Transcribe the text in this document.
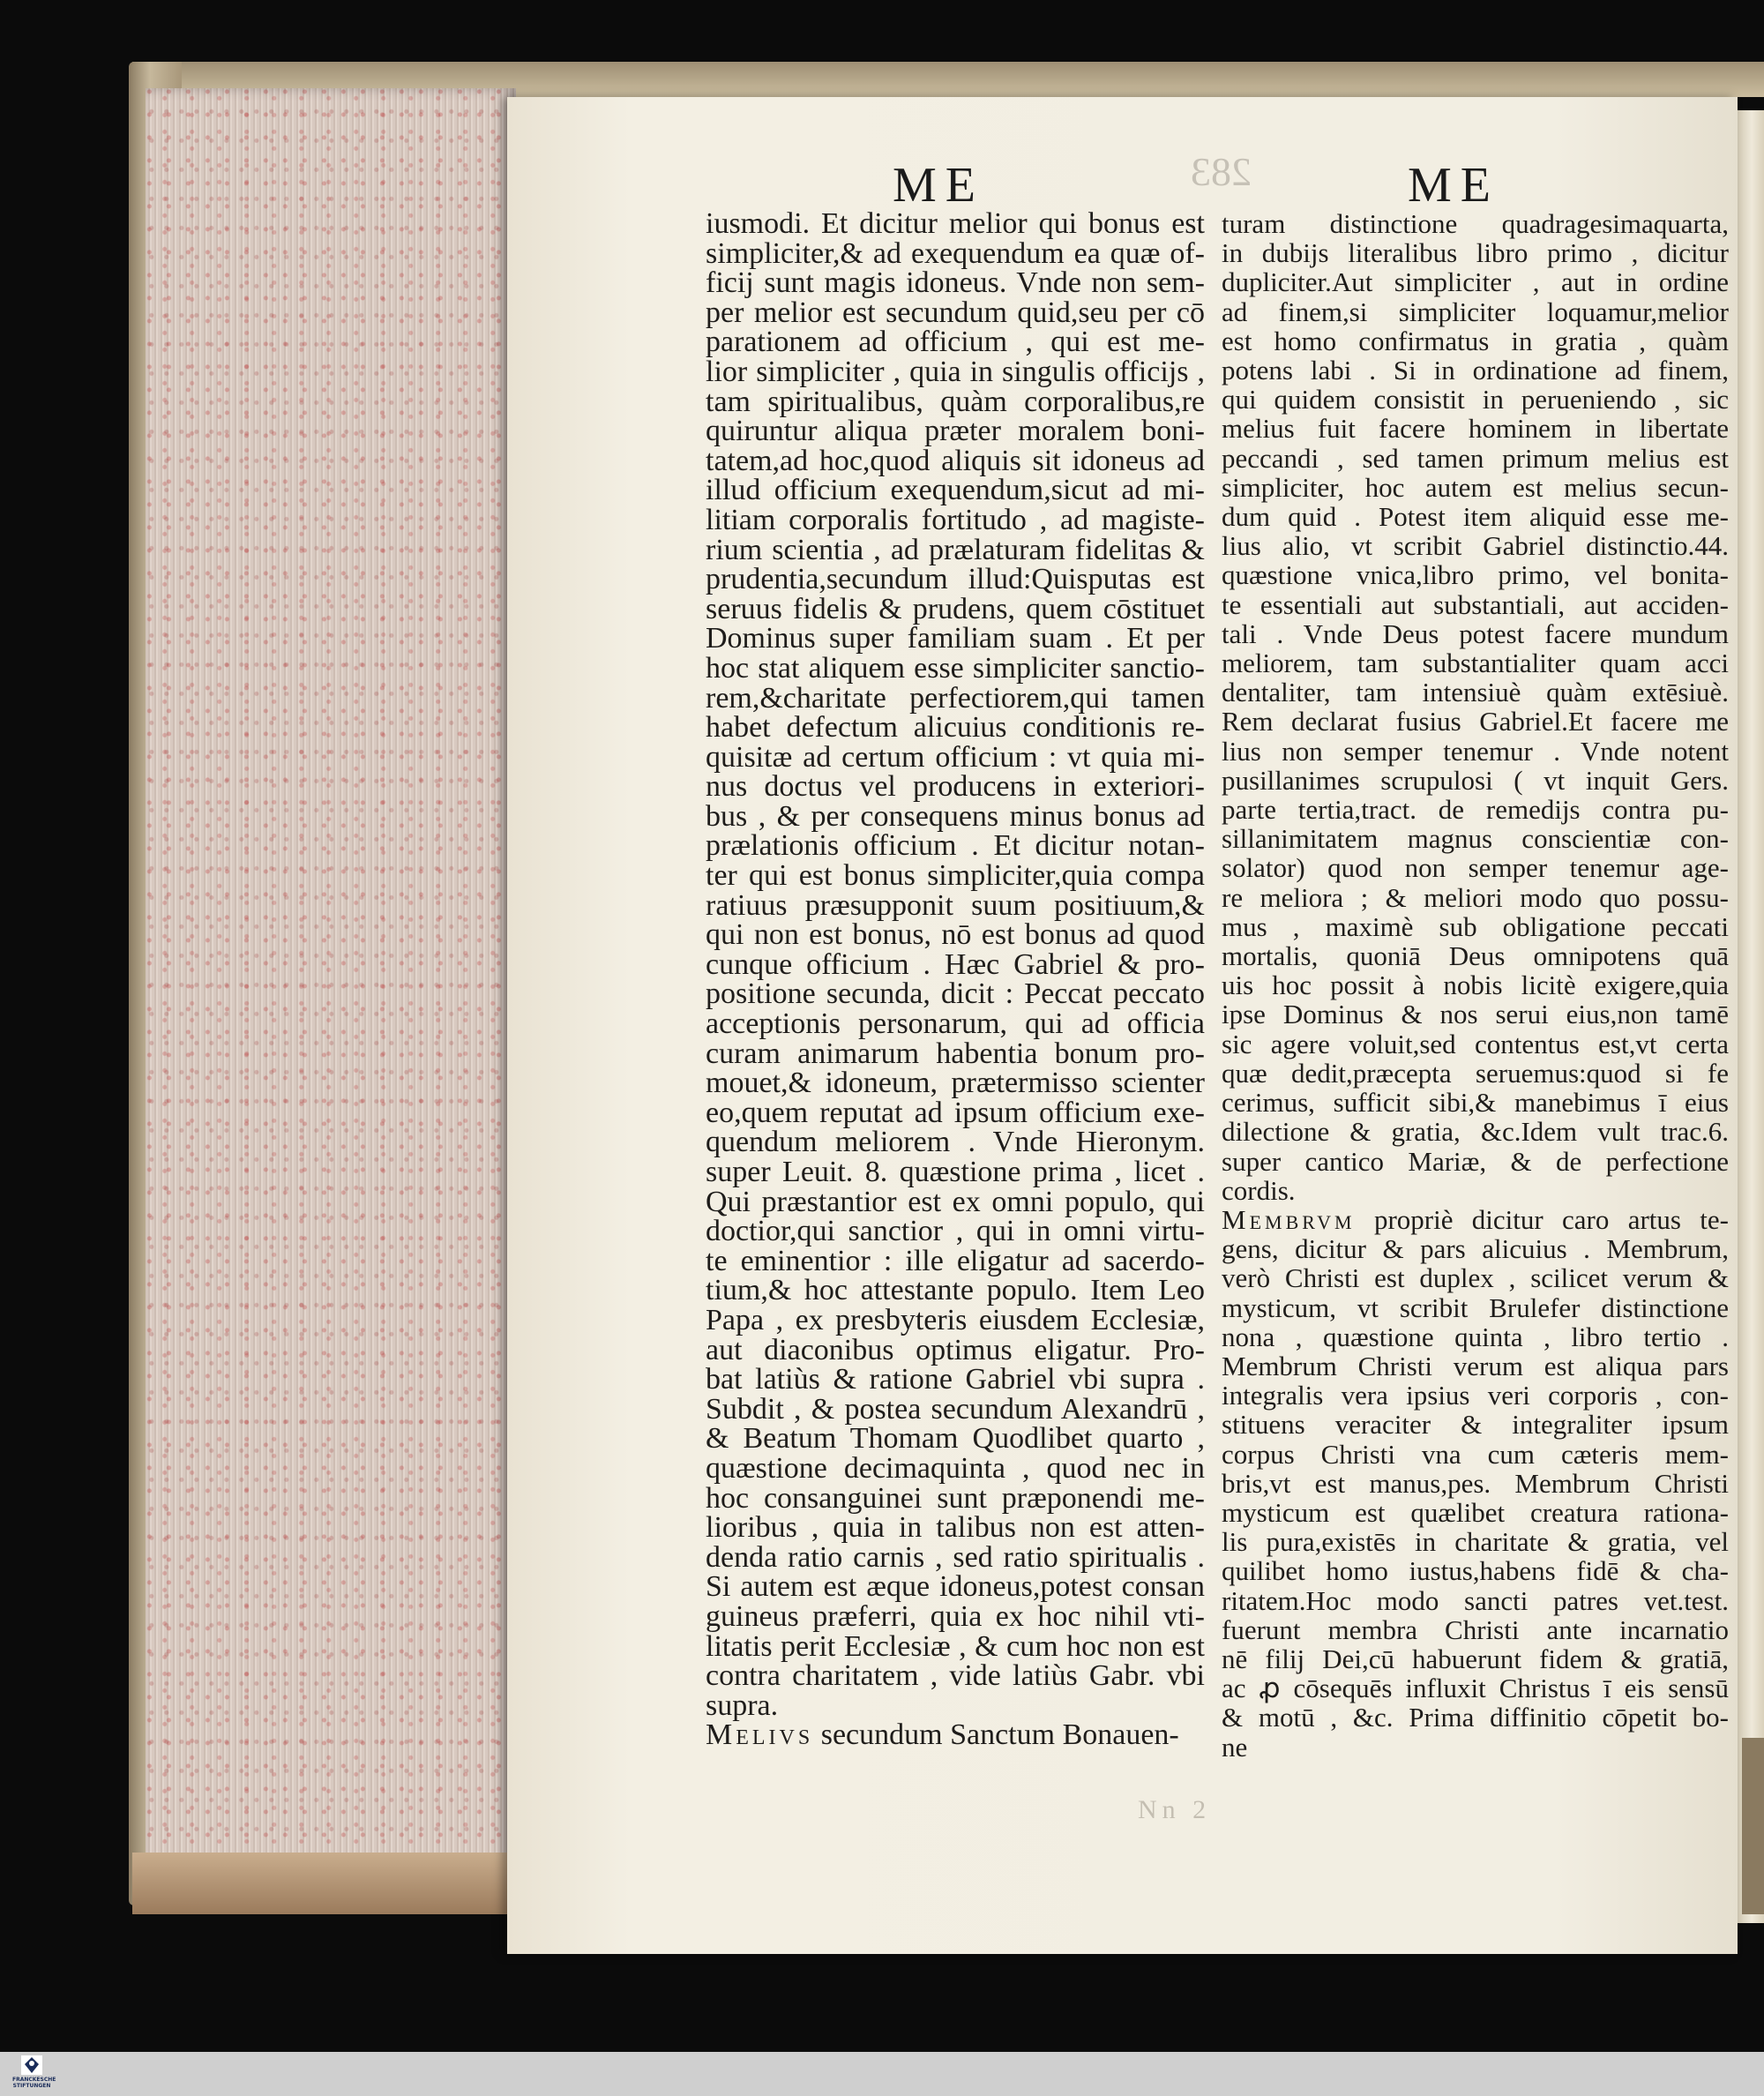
283
ME	ME
iusmodi. Et dicitur melior qui bonus est
simpliciter,& ad exequendum ea quæ of-
ficij sunt magis idoneus. Vnde non sem-
per melior est secundum quid,seu per cō
parationem ad officium , qui est me-
lior simpliciter , quia in singulis officijs ,
tam spiritualibus, quàm corporalibus,re
quiruntur aliqua præter moralem boni-
tatem,ad hoc,quod aliquis sit idoneus ad
illud officium exequendum,sicut ad mi-
litiam corporalis fortitudo , ad magiste-
rium scientia , ad prælaturam fidelitas &
prudentia,secundum illud:Quisputas est
seruus fidelis & prudens, quem cōstituet
Dominus super familiam suam . Et per
hoc stat aliquem esse simpliciter sanctio-
rem,&charitate perfectiorem,qui tamen
habet defectum alicuius conditionis re-
quisitæ ad certum officium : vt quia mi-
nus doctus vel producens in exteriori-
bus , & per consequens minus bonus ad
prælationis officium . Et dicitur notan-
ter qui est bonus simpliciter,quia compa
ratiuus præsupponit suum positiuum,&
qui non est bonus, nō est bonus ad quod
cunque officium . Hæc Gabriel & pro-
positione secunda, dicit : Peccat peccato
acceptionis personarum, qui ad officia
curam animarum habentia bonum pro-
mouet,& idoneum, prætermisso scienter
eo,quem reputat ad ipsum officium exe-
quendum meliorem . Vnde Hieronym.
super Leuit. 8. quæstione prima , licet .
Qui præstantior est ex omni populo, qui
doctior,qui sanctior , qui in omni virtu-
te eminentior : ille eligatur ad sacerdo-
tium,& hoc attestante populo. Item Leo
Papa , ex presbyteris eiusdem Ecclesiæ,
aut diaconibus optimus eligatur. Pro-
bat latiùs & ratione Gabriel vbi supra .
Subdit , & postea secundum Alexandrū ,
& Beatum Thomam Quodlibet quarto ,
quæstione decimaquinta , quod nec in
hoc consanguinei sunt præponendi me-
lioribus , quia in talibus non est atten-
denda ratio carnis , sed ratio spiritualis .
Si autem est æque idoneus,potest consan
guineus præferri, quia ex hoc nihil vti-
litatis perit Ecclesiæ , & cum hoc non est
contra charitatem , vide latiùs Gabr. vbi
supra.
Melivs secundum Sanctum Bonauen-
turam distinctione quadragesimaquarta,
in dubijs literalibus libro primo , dicitur
dupliciter.Aut simpliciter , aut in ordine
ad finem,si simpliciter loquamur,melior
est homo confirmatus in gratia , quàm
potens labi . Si in ordinatione ad finem,
qui quidem consistit in perueniendo , sic
melius fuit facere hominem in libertate
peccandi , sed tamen primum melius est
simpliciter, hoc autem est melius secun-
dum quid . Potest item aliquid esse me-
lius alio, vt scribit Gabriel distinctio.44.
quæstione vnica,libro primo, vel bonita-
te essentiali aut substantiali, aut acciden-
tali . Vnde Deus potest facere mundum
meliorem, tam substantialiter quam acci
dentaliter, tam intensiuè quàm extēsiuè.
Rem declarat fusius Gabriel.Et facere me
lius non semper tenemur . Vnde notent
pusillanimes scrupulosi ( vt inquit Gers.
parte tertia,tract. de remedijs contra pu-
sillanimitatem magnus conscientiæ con-
solator) quod non semper tenemur age-
re meliora ; & meliori modo quo possu-
mus , maximè sub obligatione peccati
mortalis, quoniā Deus omnipotens quā
uis hoc possit à nobis licitè exigere,quia
ipse Dominus & nos serui eius,non tamē
sic agere voluit,sed contentus est,vt certa
quæ dedit,præcepta seruemus:quod si fe
cerimus, sufficit sibi,& manebimus ī eius
dilectione & gratia, &c.Idem vult trac.6.
super cantico Mariæ, & de perfectione
cordis.
Membrvm propriè dicitur caro artus te-
gens, dicitur & pars alicuius . Membrum,
verò Christi est duplex , scilicet verum &
mysticum, vt scribit Brulefer distinctione
nona , quæstione quinta , libro tertio .
Membrum Christi verum est aliqua pars
integralis vera ipsius veri corporis , con-
stituens veraciter & integraliter ipsum
corpus Christi vna cum cæteris mem-
bris,vt est manus,pes. Membrum Christi
mysticum est quælibet creatura rationa-
lis pura,existēs in charitate & gratia, vel
quilibet homo iustus,habens fidē & cha-
ritatem.Hoc modo sancti patres vet.test.
fuerunt membra Christi ante incarnatio
nē filij Dei,cū habuerunt fidem & gratiā,
ac ꝓ cōsequēs influxit Christus ī eis sensū
& motū , &c. Prima diffinitio cōpetit bo-
ne
Nn 2
FRANCKESCHE
STIFTUNGEN
